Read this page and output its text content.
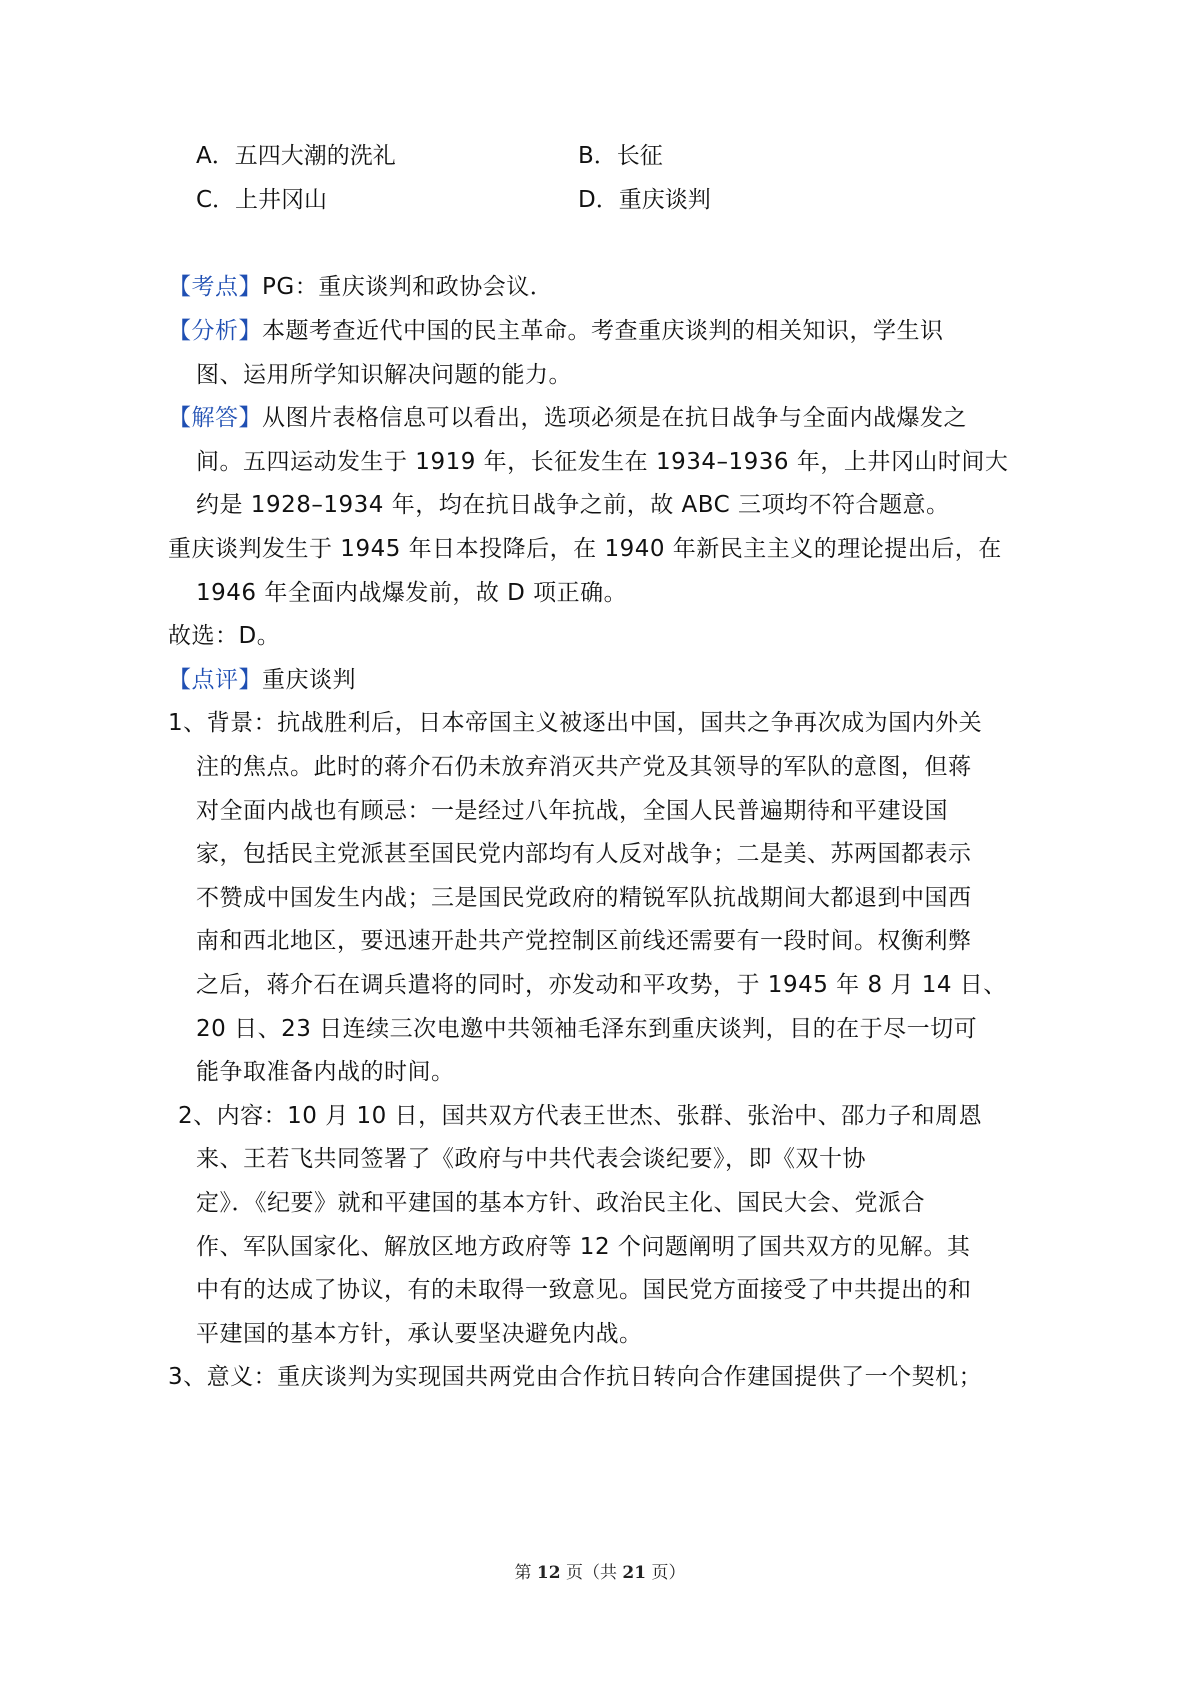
A．五四大潮的洗礼	B．长征
C．上井冈山	D．重庆谈判
【考点】PG：重庆谈判和政协会议．
【分析】本题考查近代中国的民主革命。考查重庆谈判的相关知识，学生识
图、运用所学知识解决问题的能力。
【解答】从图片表格信息可以看出，选项必须是在抗日战争与全面内战爆发之
间。五四运动发生于 1919 年，长征发生在 1934–1936 年，上井冈山时间大
约是 1928–1934 年，均在抗日战争之前，故 ABC 三项均不符合题意。
重庆谈判发生于 1945 年日本投降后，在 1940 年新民主主义的理论提出后，在
1946 年全面内战爆发前，故 D 项正确。
故选：D。
【点评】重庆谈判
1、背景：抗战胜利后，日本帝国主义被逐出中国，国共之争再次成为国内外关
注的焦点。此时的蒋介石仍未放弃消灭共产党及其领导的军队的意图，但蒋
对全面内战也有顾忌：一是经过八年抗战，全国人民普遍期待和平建设国
家，包括民主党派甚至国民党内部均有人反对战争；二是美、苏两国都表示
不赞成中国发生内战；三是国民党政府的精锐军队抗战期间大都退到中国西
南和西北地区，要迅速开赴共产党控制区前线还需要有一段时间。权衡利弊
之后，蒋介石在调兵遣将的同时，亦发动和平攻势，于 1945 年 8 月 14 日、
20 日、23 日连续三次电邀中共领袖毛泽东到重庆谈判，目的在于尽一切可
能争取准备内战的时间。
2、内容：10 月 10 日，国共双方代表王世杰、张群、张治中、邵力子和周恩
来、王若飞共同签署了《政府与中共代表会谈纪要》，即《双十协
定》．《纪要》就和平建国的基本方针、政治民主化、国民大会、党派合
作、军队国家化、解放区地方政府等 12 个问题阐明了国共双方的见解。其
中有的达成了协议，有的未取得一致意见。国民党方面接受了中共提出的和
平建国的基本方针，承认要坚决避免内战。
3、意义：重庆谈判为实现国共两党由合作抗日转向合作建国提供了一个契机；
第 12 页（共 21 页）
